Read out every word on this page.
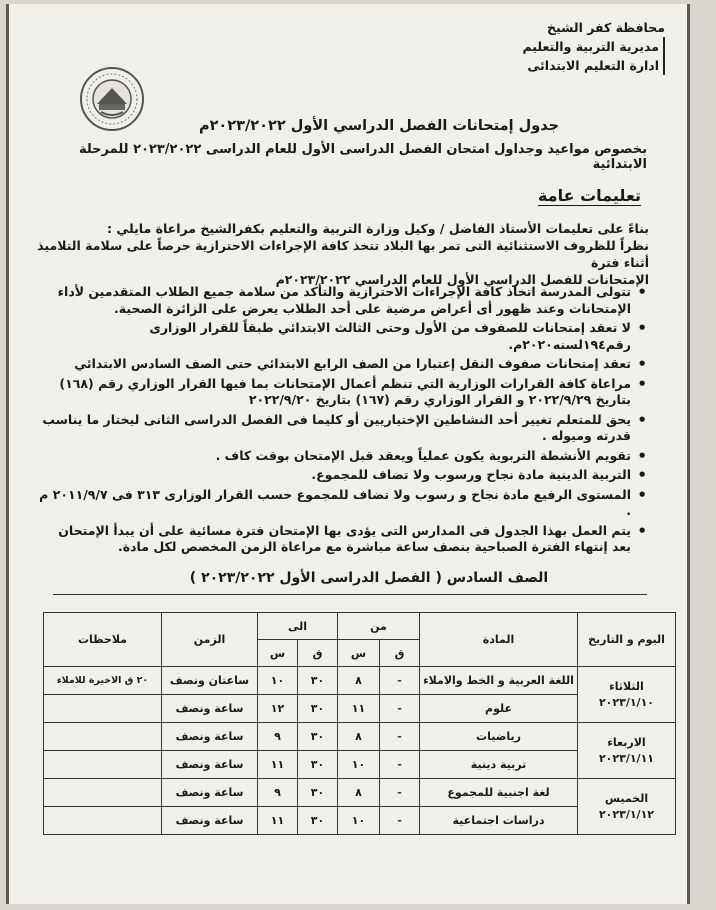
محافظة كفر الشيخ
مديرية التربية والتعليم
ادارة التعليم الابتدائى
جدول إمتحانات الفصل الدراسي الأول ٢٠٢٣/٢٠٢٢م
بخصوص مواعيد وجداول امتحان الفصل الدراسى الأول للعام الدراسى ٢٠٢٣/٢٠٢٢ للمرحلة الابتدائية
تعليمات عامة

بناءً على تعليمات الأستاذ الفاضل / وكيل وزارة التربية والتعليم بكفرالشيخ مراعاة مايلي :

نظراً للظروف الاستثنائية التى تمر بها البلاد تتخذ كافة الإجراءات الاحترازية حرصاً على سلامة التلاميذ أثناء فترة

الإمتحانات للفصل الدراسي الأول للعام الدراسي ٢٠٢٣/٢٠٢٢م

• تتولى المدرسة اتخاذ كافة الإجراءات الاحترازية والتأكد من سلامة جميع الطلاب المتقدمين لأداء الإمتحانات وعند ظهور أى أعراض مرضية على أحد الطلاب يعرض على الزائرة الصحية.
• لا تعقد إمتحانات للصفوف من الأول وحتى الثالث الابتدائي طبقاً للقرار الوزارى رقم١٩٤لسنه٢٠٢٠م.
• تعقد إمتحانات صفوف النقل إعتبارا من الصف الرابع الابتدائي حتى الصف السادس الابتدائي
• مراعاة كافة القرارات الوزارية التي تنظم أعمال الإمتحانات بما فيها القرار الوزاري رقم (١٦٨) بتاريخ ٢٠٢٢/٩/٢٩ و القرار الوزاري رقم (١٦٧) بتاريخ ٢٠٢٢/٩/٢٠
• يحق للمتعلم تغيير أحد النشاطين الإختياريين أو كليما فى الفصل الدراسى الثانى ليختار ما يناسب قدرته وميوله .
• تقويم الأنشطة التربوية يكون عملياً ويعقد قبل الإمتحان بوقت كاف .
• التربية الدينية مادة نجاح ورسوب ولا تضاف للمجموع.
• المستوى الرفيع مادة نجاح و رسوب ولا تضاف للمجموع حسب القرار الوزارى ٣١٣ فى ٢٠١١/٩/٧ م .
• يتم العمل بهذا الجدول فى المدارس التى يؤدى بها الإمتحان فترة مسائية على أن يبدأ الإمتحان بعد إنتهاء الفترة الصباحية بنصف ساعة مباشرة مع مراعاة الزمن المخصص لكل مادة.
الصف السادس ( الفصل الدراسى الأول ٢٠٢٣/٢٠٢٢ )
اليوم و التاريخ	المادة	من		الى		الزمن	ملاحظات
		ق	س	ق	س		

الثلاثاء
٢٠٢٣/١/١٠	اللغة العربية و الخط والاملاء	-	٨	٣٠	١٠	ساعتان ونصف	٢٠ ق الاخيرة للاملاء
	علوم	-	١١	٣٠	١٢	ساعة ونصف	

الاربعاء
٢٠٢٣/١/١١	رياضيات	-	٨	٣٠	٩	ساعة ونصف	
	تربية دينية	-	١٠	٣٠	١١	ساعة ونصف	

الخميس
٢٠٢٣/١/١٢	لغة اجنبية للمجموع	-	٨	٣٠	٩	ساعة ونصف	
	دراسات اجتماعية	-	١٠	٣٠	١١	ساعة ونصف	
